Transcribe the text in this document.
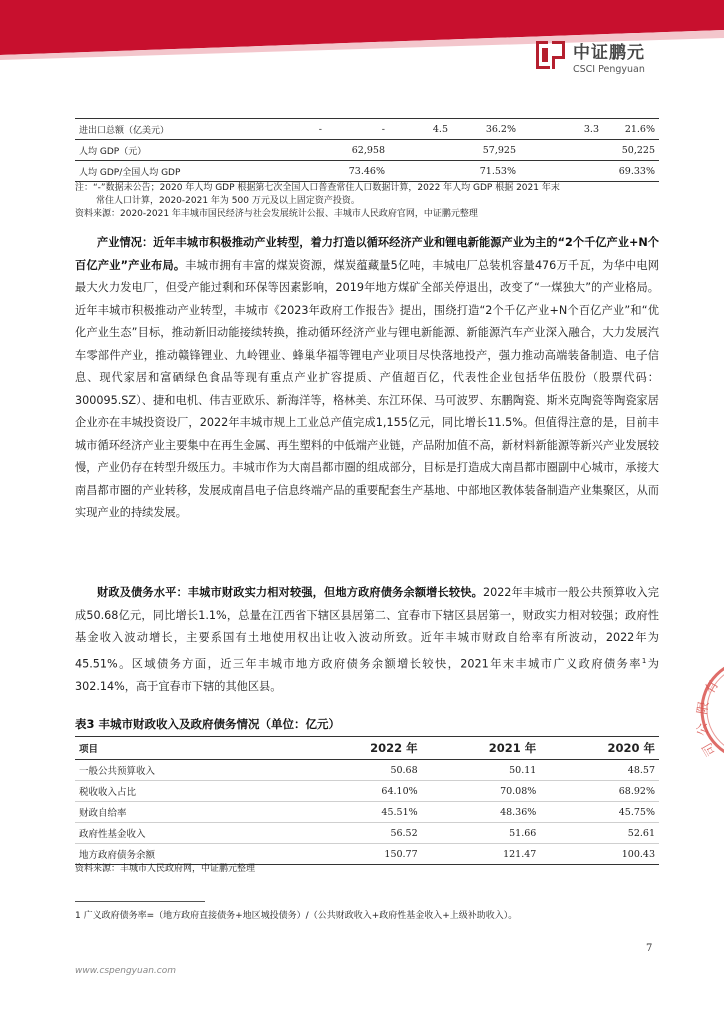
中证鹏元
CSCI Pengyuan
进出口总额（亿美元）	-	-	4.5	36.2%	3.3	21.6%
人均 GDP（元）		62,958		57,925		50,225
人均 GDP/全国人均 GDP		73.46%		71.53%		69.33%
注：“-”数据未公告；2020 年人均 GDP 根据第七次全国人口普查常住人口数据计算，2022 年人均 GDP 根据 2021 年末
常住人口计算，2020-2021 年为 500 万元及以上固定资产投资。
资料来源：2020-2021 年丰城市国民经济与社会发展统计公报、丰城市人民政府官网，中证鹏元整理
产业情况：近年丰城市积极推动产业转型，着力打造以循环经济产业和锂电新能源产业为主的“2个千亿产业+N个百亿产业”产业布局。丰城市拥有丰富的煤炭资源，煤炭蕴藏量5亿吨，丰城电厂总装机容量476万千瓦，为华中电网最大火力发电厂，但受产能过剩和环保等因素影响，2019年地方煤矿全部关停退出，改变了“一煤独大”的产业格局。近年丰城市积极推动产业转型，丰城市《2023年政府工作报告》提出，围绕打造“2个千亿产业+N个百亿产业”和“优化产业生态”目标，推动新旧动能接续转换，推动循环经济产业与锂电新能源、新能源汽车产业深入融合，大力发展汽车零部件产业，推动赣锋锂业、九岭锂业、蜂巢华福等锂电产业项目尽快落地投产，强力推动高端装备制造、电子信息、现代家居和富硒绿色食品等现有重点产业扩容提质、产值超百亿，代表性企业包括华伍股份（股票代码：300095.SZ）、捷和电机、伟吉亚欧乐、新海洋等，格林美、东江环保、马可波罗、东鹏陶瓷、斯米克陶瓷等陶瓷家居企业亦在丰城投资设厂，2022年丰城市规上工业总产值完成1,155亿元，同比增长11.5%。但值得注意的是，目前丰城市循环经济产业主要集中在再生金属、再生塑料的中低端产业链，产品附加值不高，新材料新能源等新兴产业发展较慢，产业仍存在转型升级压力。丰城市作为大南昌都市圈的组成部分，目标是打造成大南昌都市圈副中心城市，承接大南昌都市圈的产业转移，发展成南昌电子信息终端产品的重要配套生产基地、中部地区教体装备制造产业集聚区，从而实现产业的持续发展。
财政及债务水平：丰城市财政实力相对较强，但地方政府债务余额增长较快。2022年丰城市一般公共预算收入完成50.68亿元，同比增长1.1%，总量在江西省下辖区县居第二、宜春市下辖区县居第一，财政实力相对较强；政府性基金收入波动增长，主要系国有土地使用权出让收入波动所致。近年丰城市财政自给率有所波动，2022年为45.51%。区域债务方面，近三年丰城市地方政府债务余额增长较快，2021年末丰城市广义政府债务率$^1$为302.14%，高于宜春市下辖的其他区县。
表3 丰城市财政收入及政府债务情况（单位：亿元）
项目	2022 年	2021 年	2020 年
一般公共预算收入	50.68	50.11	48.57
税收收入占比	64.10%	70.08%	68.92%
财政自给率	45.51%	48.36%	45.75%
政府性基金收入	56.52	51.66	52.61
地方政府债务余额	150.77	121.47	100.43
资料来源：丰城市人民政府网，中证鹏元整理
有
限
公
司
1 广义政府债务率=（地方政府直接债务+地区城投债务）/（公共财政收入+政府性基金收入+上级补助收入）。
7
www.cspengyuan.com
